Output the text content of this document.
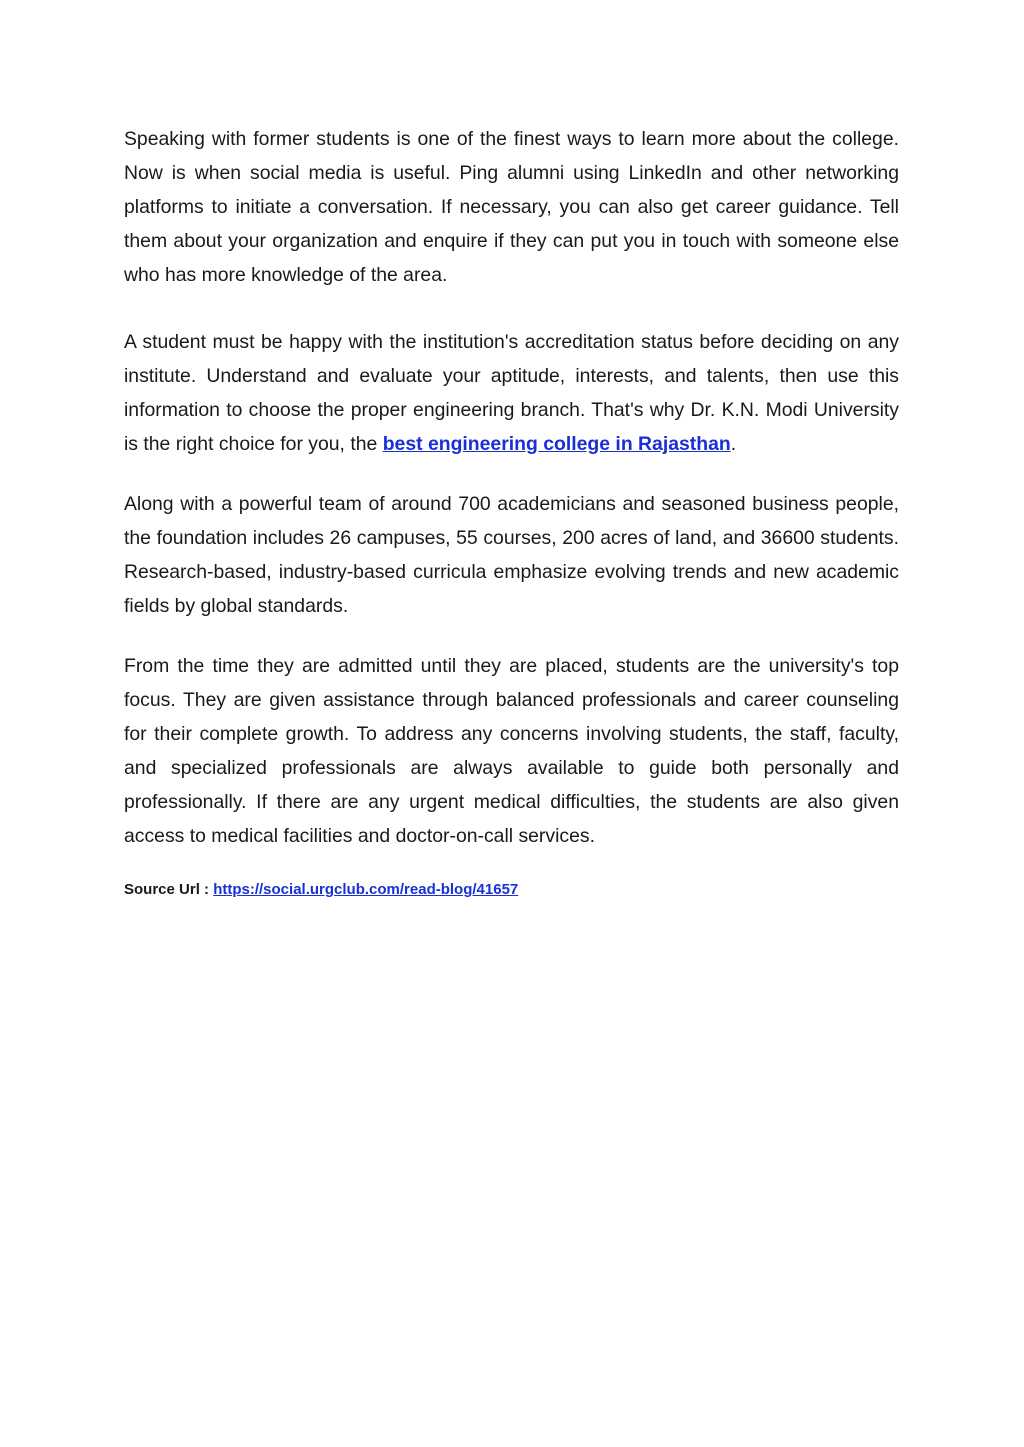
Speaking with former students is one of the finest ways to learn more about the college. Now is when social media is useful. Ping alumni using LinkedIn and other networking platforms to initiate a conversation. If necessary, you can also get career guidance. Tell them about your organization and enquire if they can put you in touch with someone else who has more knowledge of the area.

A student must be happy with the institution's accreditation status before deciding on any institute. Understand and evaluate your aptitude, interests, and talents, then use this information to choose the proper engineering branch. That's why Dr. K.N. Modi University is the right choice for you, the best engineering college in Rajasthan.

Along with a powerful team of around 700 academicians and seasoned business people, the foundation includes 26 campuses, 55 courses, 200 acres of land, and 36600 students. Research-based, industry-based curricula emphasize evolving trends and new academic fields by global standards.

From the time they are admitted until they are placed, students are the university's top focus. They are given assistance through balanced professionals and career counseling for their complete growth. To address any concerns involving students, the staff, faculty, and specialized professionals are always available to guide both personally and professionally. If there are any urgent medical difficulties, the students are also given access to medical facilities and doctor-on-call services.

Source Url : https://social.urgclub.com/read-blog/41657
